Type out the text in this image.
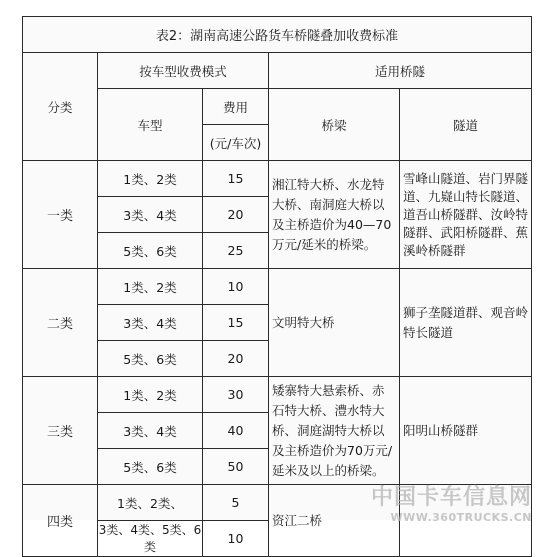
表2：湖南高速公路货车桥隧叠加收费标准				
分类	按车型收费模式		适用桥隧	
	车型	费用	桥梁	隧道
		(元/车次)		
一类	1类、2类	15	湘江特大桥、水龙特大桥、南洞庭大桥以及主桥造价为40—70万元/延米的桥梁。	雪峰山隧道、岩门界隧道、九嶷山特长隧道、道吾山桥隧群、汝岭特隧群、武阳桥隧群、蕉溪岭桥隧群
	3类、4类	20		
	5类、6类	25		
二类	1类、2类	10	文明特大桥	狮子垄隧道群、观音岭特长隧道
	3类、4类	15		
	5类、6类	20		
三类	1类、2类	30	矮寨特大悬索桥、赤石特大桥、澧水特大桥、洞庭湖特大桥以及主桥造价为70万元/延米及以上的桥梁。	阳明山桥隧群
	3类、4类	40		
	5类、6类	50		
四类	1类、2类、	5	资江二桥	
	3类、4类、5类、6类	10		
中国卡车信息网
WWW.360TRUCKS.CN
